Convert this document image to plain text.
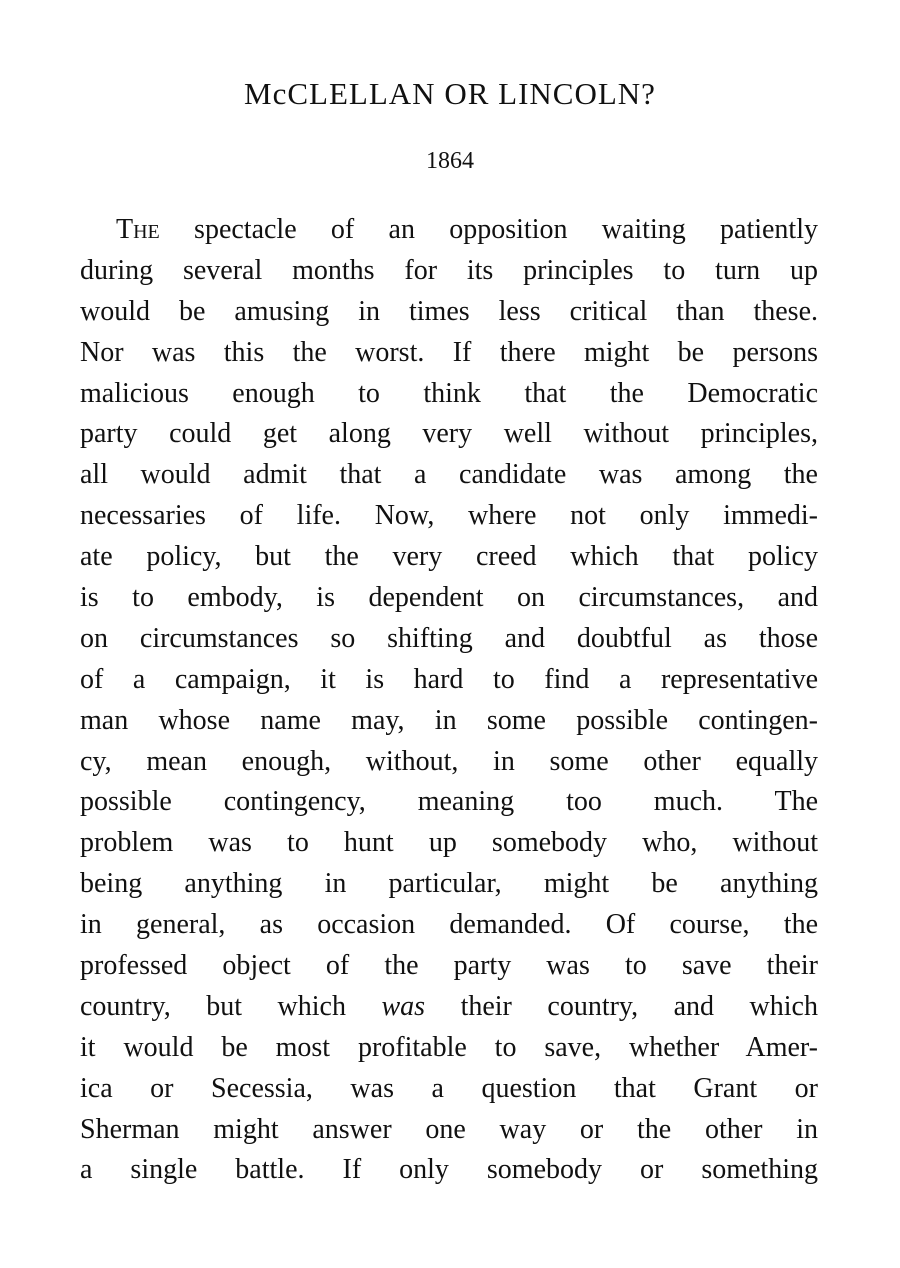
McCLELLAN OR LINCOLN?
1864
The spectacle of an opposition waiting patiently
during several months for its principles to turn up
would be amusing in times less critical than these.
Nor was this the worst. If there might be persons
malicious enough to think that the Democratic
party could get along very well without principles,
all would admit that a candidate was among the
necessaries of life. Now, where not only immedi-
ate policy, but the very creed which that policy
is to embody, is dependent on circumstances, and
on circumstances so shifting and doubtful as those
of a campaign, it is hard to find a representative
man whose name may, in some possible contingen-
cy, mean enough, without, in some other equally
possible contingency, meaning too much. The
problem was to hunt up somebody who, without
being anything in particular, might be anything
in general, as occasion demanded. Of course, the
professed object of the party was to save their
country, but which was their country, and which
it would be most profitable to save, whether Amer-
ica or Secessia, was a question that Grant or
Sherman might answer one way or the other in
a single battle. If only somebody or something
